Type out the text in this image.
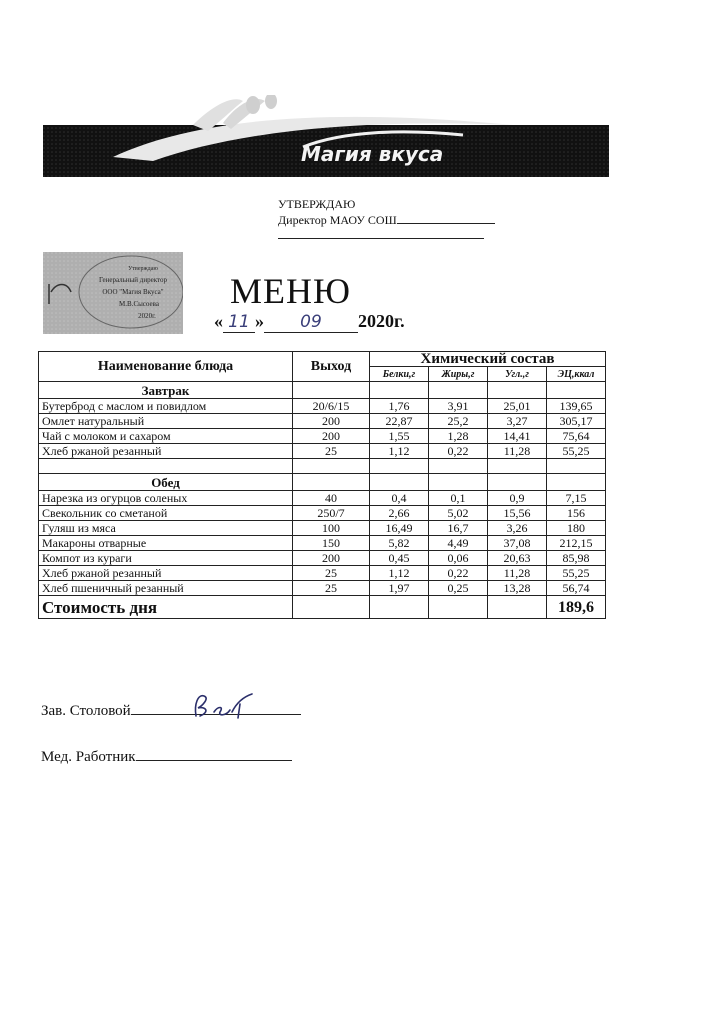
Магия вкуса
УТВЕРЖДАЮ
Директор МАОУ СОШ
Утверждаю
Генеральный директор
ООО "Магия Вкуса"
М.В.Сысоева
2020г.
МЕНЮ
« 11 » 09 2020г.
Наименование блюда	Выход	Химический состав			
		Белки,г	Жиры,г	Угл.,г	ЭЦ,ккал
Завтрак					
Бутерброд с маслом и повидлом	20/6/15	1,76	3,91	25,01	139,65
Омлет натуральный	200	22,87	25,2	3,27	305,17
Чай с молоком и сахаром	200	1,55	1,28	14,41	75,64
Хлеб ржаной резанный	25	1,12	0,22	11,28	55,25

Обед					
Нарезка из огурцов соленых	40	0,4	0,1	0,9	7,15
Свекольник со сметаной	250/7	2,66	5,02	15,56	156
Гуляш из мяса	100	16,49	16,7	3,26	180
Макароны отварные	150	5,82	4,49	37,08	212,15
Компот из кураги	200	0,45	0,06	20,63	85,98
Хлеб ржаной резанный	25	1,12	0,22	11,28	55,25
Хлеб пшеничный резанный	25	1,97	0,25	13,28	56,74
Стоимость дня					189,6
Зав. Столовой
Мед. Работник
